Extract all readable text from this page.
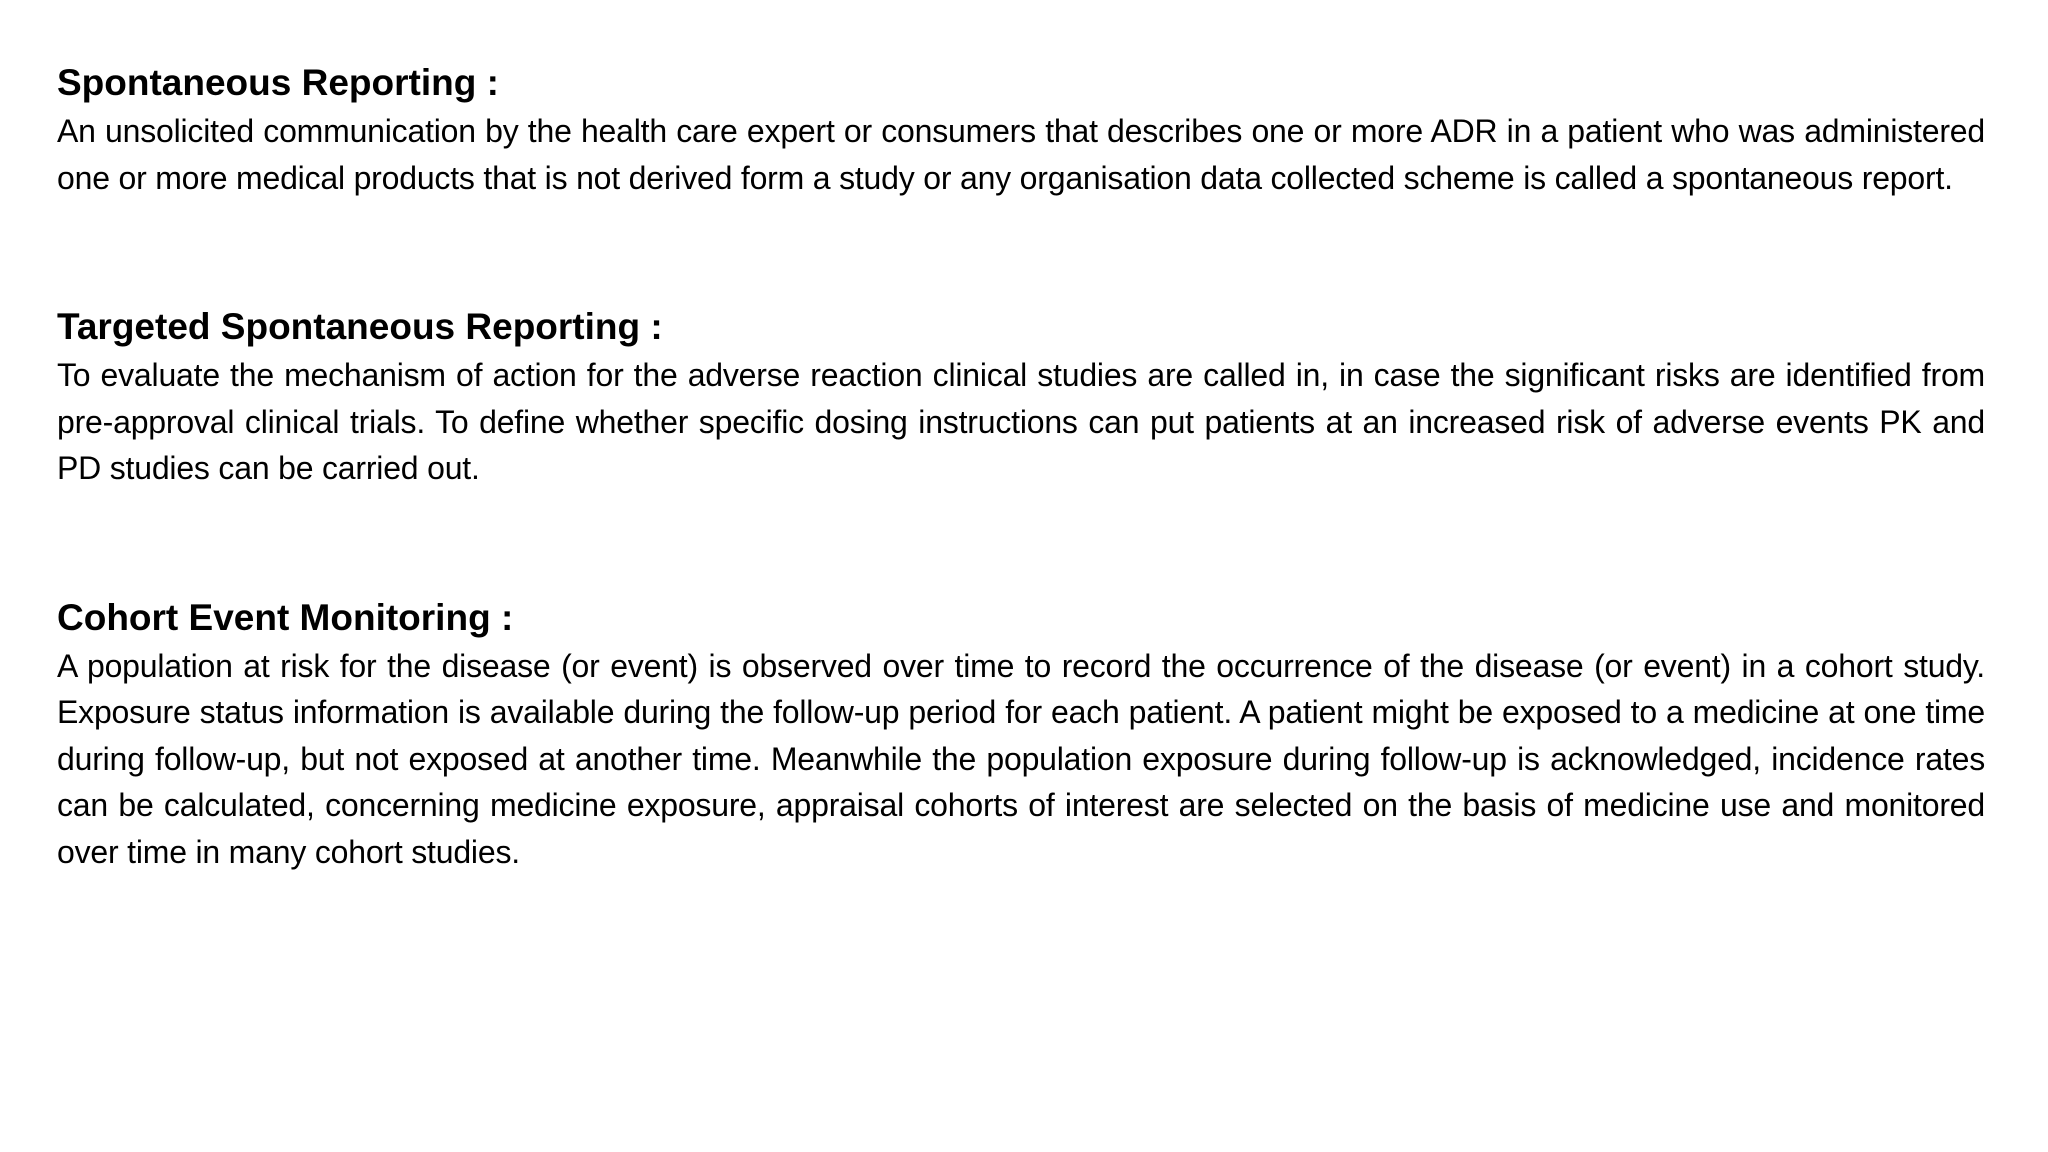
Spontaneous Reporting :

An unsolicited communication by the health care expert or consumers that describes one or more ADR in a patient who was administered one or more medical products that is not derived form a study or any organisation data collected scheme is called a spontaneous report.

Targeted Spontaneous Reporting :

To evaluate the mechanism of action for the adverse reaction clinical studies are called in, in case the significant risks are identified from pre-approval clinical trials. To define whether specific dosing instructions can put patients at an increased risk of adverse events PK and PD studies can be carried out.

Cohort Event Monitoring :

A population at risk for the disease (or event) is observed over time to record the occurrence of the disease (or event) in a cohort study. Exposure status information is available during the follow-up period for each patient. A patient might be exposed to a medicine at one time during follow-up, but not exposed at another time. Meanwhile the population exposure during follow-up is acknowledged, incidence rates can be calculated, concerning medicine exposure, appraisal cohorts of interest are selected on the basis of medicine use and monitored over time in many cohort studies.
